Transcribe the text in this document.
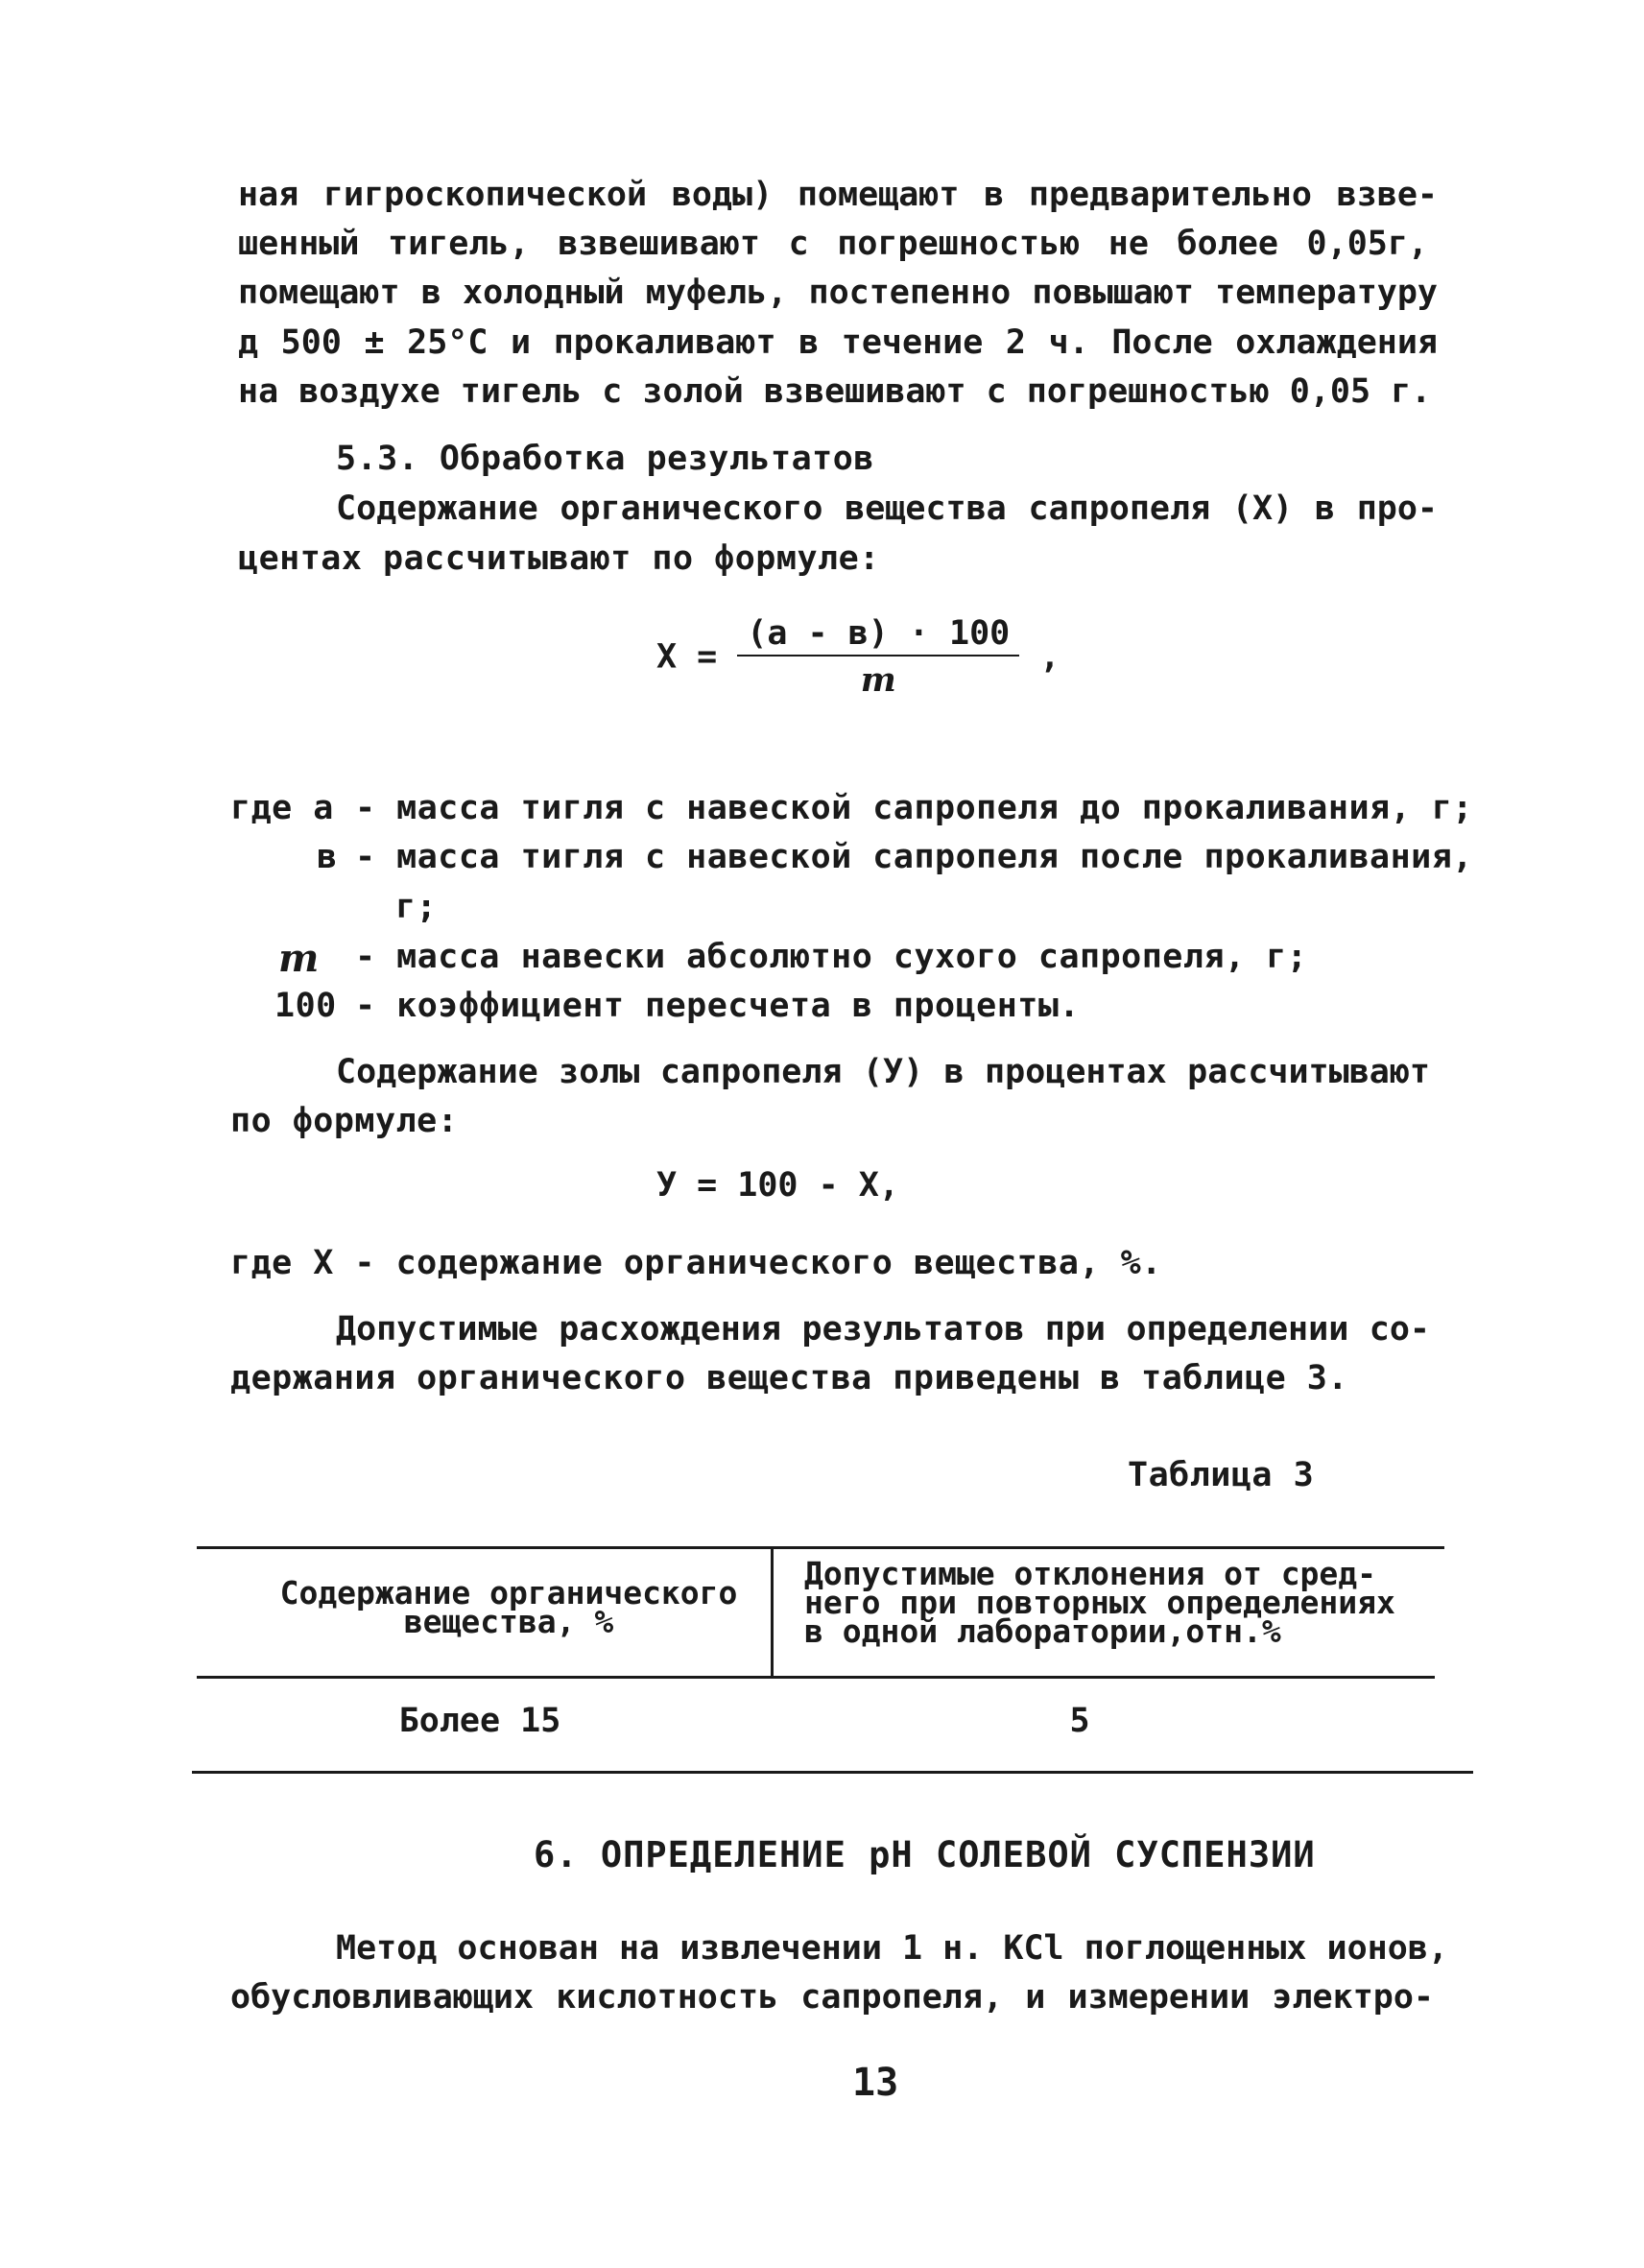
ная гигроскопической воды) помещают в предварительно взве-
шенный тигель, взвешивают с погрешностью не более 0,05г,
помещают в холодный муфель, постепенно повышают температуру
д 500 ± 25°С и прокаливают в течение 2 ч. После охлаждения
на воздухе тигель с золой взвешивают с погрешностью 0,05 г.
5.3. Обработка результатов
Содержание органического вещества сапропеля (Х) в про-
центах рассчитывают по формуле:
$Х = \frac{(а - в) \cdot 100}{m}$ ,
где а - масса тигля с навеской сапропеля до прокаливания, г;
в - масса тигля с навеской сапропеля после прокаливания,
г;
m - масса навески абсолютно сухого сапропеля, г;
100 - коэффициент пересчета в проценты.
Содержание золы сапропеля (У) в процентах рассчитывают
по формуле:
У = 100 - Х,
где Х - содержание органического вещества, %.
Допустимые расхождения результатов при определении со-
держания органического вещества приведены в таблице 3.
Таблица 3
Содержание органического
вещества, %
Допустимые отклонения от сред-
него при повторных определениях
в одной лаборатории,отн.%
Более 15	5
6. ОПРЕДЕЛЕНИЕ pH СОЛЕВОЙ СУСПЕНЗИИ
Метод основан на извлечении 1 н. КСl поглощенных ионов,
обусловливающих кислотность сапропеля, и измерении электро-
13
